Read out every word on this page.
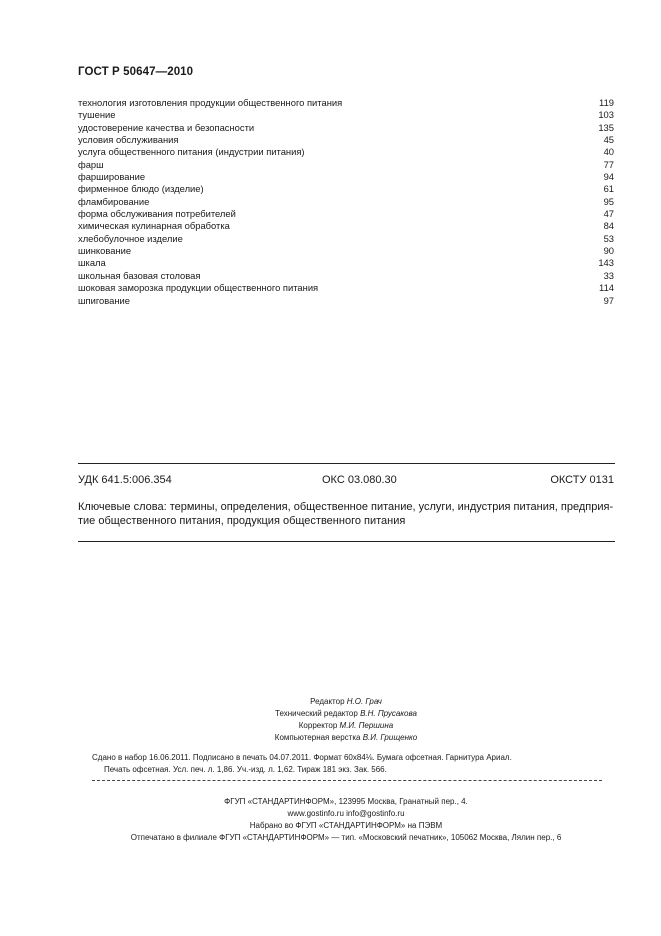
ГОСТ Р 50647—2010
технология изготовления продукции общественного питания	119
тушение	103
удостоверение качества и безопасности	135
условия обслуживания	45
услуга общественного питания (индустрии питания)	40
фарш	77
фарширование	94
фирменное блюдо (изделие)	61
фламбирование	95
форма обслуживания потребителей	47
химическая кулинарная обработка	84
хлебобулочное изделие	53
шинкование	90
шкала	143
школьная базовая столовая	33
шоковая заморозка продукции общественного питания	114
шпигование	97
УДК 641.5:006.354	ОКС 03.080.30	ОКСТУ 0131
Ключевые слова: термины, определения, общественное питание, услуги, индустрия питания, предприя-
тие общественного питания, продукция общественного питания
Редактор Н.О. Грач
Технический редактор В.Н. Прусакова
Корректор М.И. Першина
Компьютерная верстка В.И. Грищенко
Сдано в набор 16.06.2011. Подписано в печать 04.07.2011. Формат 60x84⅛. Бумага офсетная. Гарнитура Ариал.
Печать офсетная. Усл. печ. л. 1,86. Уч.-изд. л. 1,62. Тираж 181 экз. Зак. 566.
ФГУП «СТАНДАРТИНФОРМ», 123995 Москва, Гранатный пер., 4.
www.gostinfo.ru info@gostinfo.ru
Набрано во ФГУП «СТАНДАРТИНФОРМ» на ПЭВМ
Отпечатано в филиале ФГУП «СТАНДАРТИНФОРМ» — тип. «Московский печатник», 105062 Москва, Лялин пер., 6
